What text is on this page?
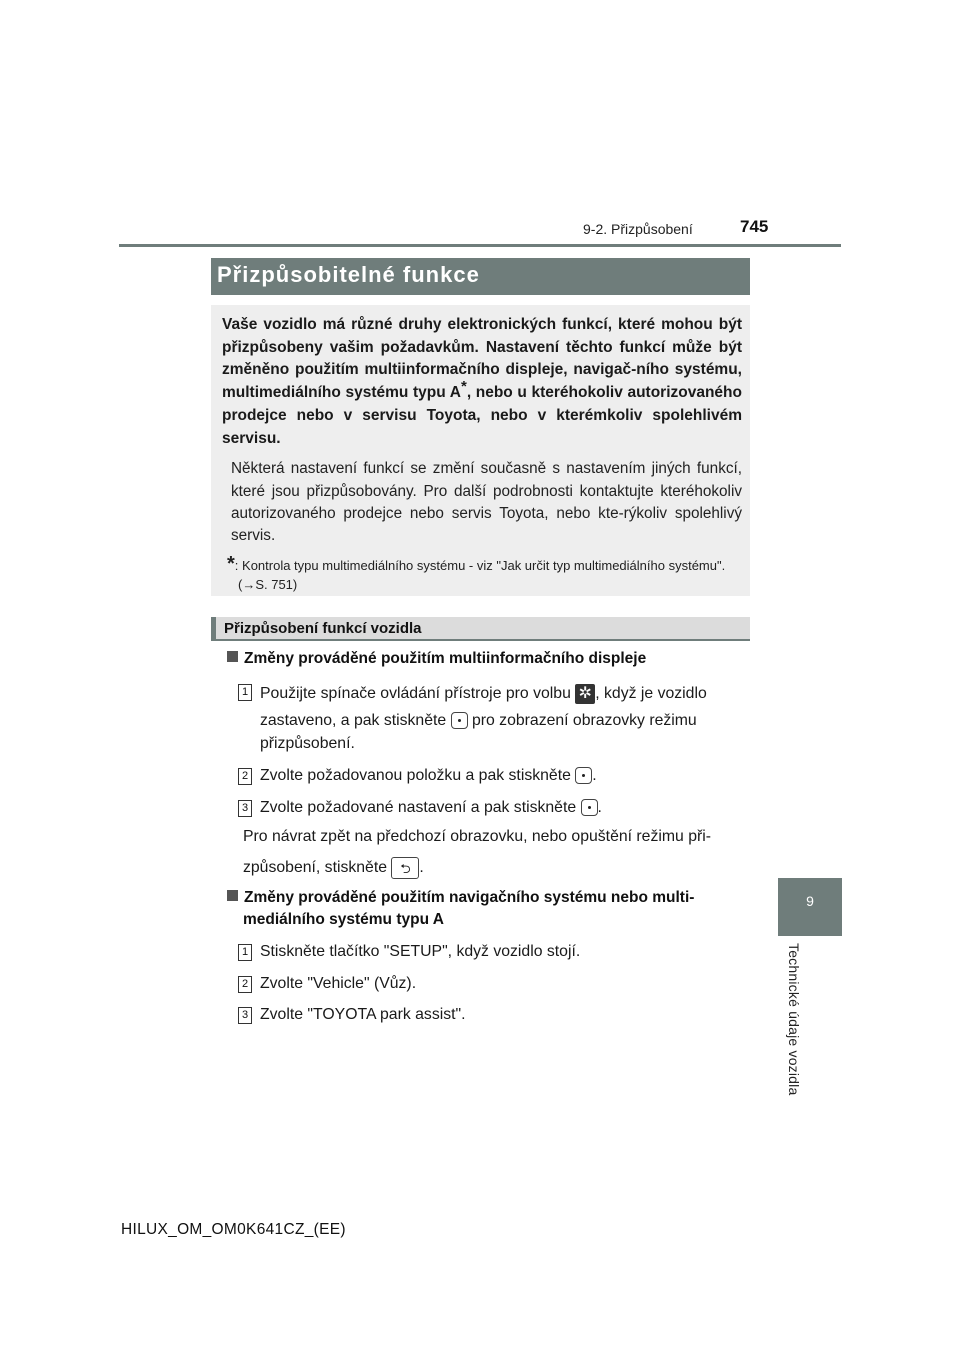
9-2. Přizpůsobení	745
9
Technické údaje vozidla
Přizpůsobitelné funkce

Vaše vozidlo má různé druhy elektronických funkcí, které mohou být přizpůsobeny vašim požadavkům. Nastavení těchto funkcí může být změněno použitím multiinformačního displeje, navigač-ního systému, multimediálního systému typu A*, nebo u kteréhokoliv autorizovaného prodejce nebo v servisu Toyota, nebo v kterémkoliv spolehlivém servisu.

Některá nastavení funkcí se změní současně s nastavením jiných funkcí, které jsou přizpůsobovány. Pro další podrobnosti kontaktujte kteréhokoliv autorizovaného prodejce nebo servis Toyota, nebo kte-rýkoliv spolehlivý servis.

*: Kontrola typu multimediálního systému - viz "Jak určit typ multimediálního systému". (→S. 751)

Přizpůsobení funkcí vozidla
Změny prováděné použitím multiinformačního displeje
1 Použijte spínače ovládání přístroje pro volbu ✲ , když je vozidlo
zastaveno, a pak stiskněte pro zobrazení obrazovky režimu
přizpůsobení.
2 Zvolte požadovanou položku a pak stiskněte .
3 Zvolte požadované nastavení a pak stiskněte .
Pro návrat zpět na předchozí obrazovku, nebo opuštění režimu při-
způsobení, stiskněte ⮌ .
Změny prováděné použitím navigačního systému nebo multi-
mediálního systému typu A
1 Stiskněte tlačítko "SETUP", když vozidlo stojí.
2 Zvolte "Vehicle" (Vůz).
3 Zvolte "TOYOTA park assist".
HILUX_OM_OM0K641CZ_(EE)
